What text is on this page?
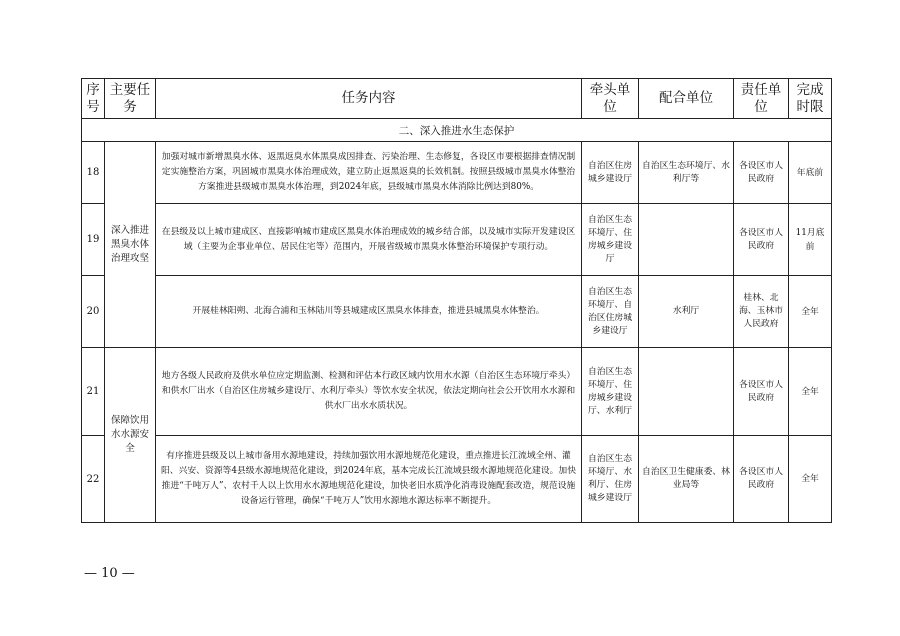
序号	主要任务	任务内容	牵头单位	配合单位	责任单位	完成时限
二、深入推进水生态保护						
18	深入推进黑臭水体治理攻坚	加强对城市新增黑臭水体、返黑返臭水体黑臭成因排查、污染治理、生态修复，各设区市要根据排查情况制定实施整治方案，巩固城市黑臭水体治理成效，建立防止返黑返臭的长效机制。按照县级城市黑臭水体整治方案推进县级城市黑臭水体治理，到2024年底，县级城市黑臭水体消除比例达到80%。	自治区住房城乡建设厅	自治区生态环境厅、水利厅等	各设区市人民政府	年底前
19		在县级及以上城市建成区、直接影响城市建成区黑臭水体治理成效的城乡结合部，以及城市实际开发建设区域（主要为企事业单位、居民住宅等）范围内，开展省级城市黑臭水体整治环境保护专项行动。	自治区生态环境厅、住房城乡建设厅		各设区市人民政府	11月底前
20		开展桂林阳朔、北海合浦和玉林陆川等县城建成区黑臭水体排查，推进县城黑臭水体整治。	自治区生态环境厅、自治区住房城乡建设厅	水利厅	桂林、北海、玉林市人民政府	全年
21	保障饮用水水源安全	地方各级人民政府及供水单位应定期监测、检测和评估本行政区域内饮用水水源（自治区生态环境厅牵头）和供水厂出水（自治区住房城乡建设厅、水利厅牵头）等饮水安全状况，依法定期向社会公开饮用水水源和供水厂出水水质状况。	自治区生态环境厅、住房城乡建设厅、水利厅		各设区市人民政府	全年
22		有序推进县级及以上城市备用水源地建设，持续加强饮用水源地规范化建设，重点推进长江流域全州、灌阳、兴安、资源等4县级水源地规范化建设，到2024年底，基本完成长江流域县级水源地规范化建设。加快推进“千吨万人”、农村千人以上饮用水水源地规范化建设，加快老旧水质净化消毒设施配套改造，规范设施设备运行管理，确保“千吨万人”饮用水源地水源达标率不断提升。	自治区生态环境厅、水利厅、住房城乡建设厅	自治区卫生健康委、林业局等	各设区市人民政府	全年
— 10 —
